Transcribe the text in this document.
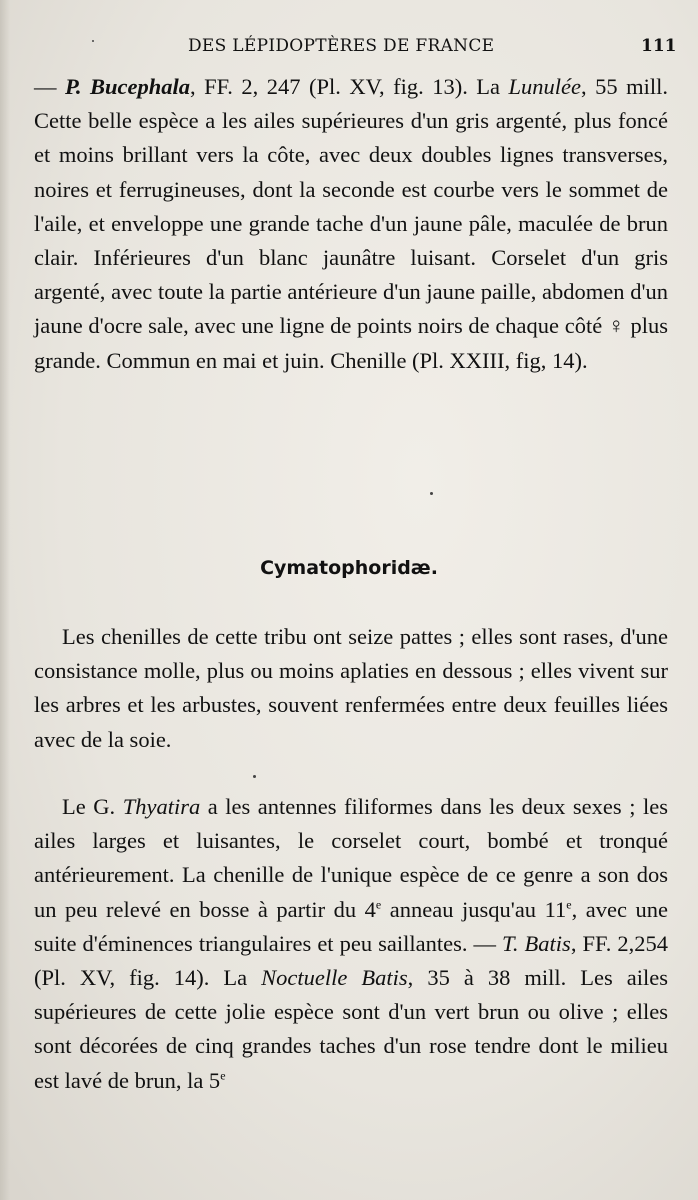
DES LÉPIDOPTÈRES DE FRANCE	111

— P. Bucephala, FF. 2, 247 (Pl. XV, fig. 13). La Lunulée, 55 mill. Cette belle espèce a les ailes supérieures d'un gris argenté, plus foncé et moins brillant vers la côte, avec deux doubles lignes transverses, noires et ferrugineuses, dont la seconde est courbe vers le sommet de l'aile, et enveloppe une grande tache d'un jaune pâle, maculée de brun clair. Inférieures d'un blanc jaunâtre luisant. Corselet d'un gris argenté, avec toute la partie antérieure d'un jaune paille, abdomen d'un jaune d'ocre sale, avec une ligne de points noirs de chaque côté ♀ plus grande. Commun en mai et juin. Chenille (Pl. XXIII, fig, 14).

Cymatophoridæ.

Les chenilles de cette tribu ont seize pattes ; elles sont rases, d'une consistance molle, plus ou moins aplaties en dessous ; elles vivent sur les arbres et les arbustes, souvent renfermées entre deux feuilles liées avec de la soie.

Le G. Thyatira a les antennes filiformes dans les deux sexes ; les ailes larges et luisantes, le corselet court, bombé et tronqué antérieurement. La chenille de l'unique espèce de ce genre a son dos un peu relevé en bosse à partir du 4e anneau jusqu'au 11e, avec une suite d'éminences triangulaires et peu saillantes. — T. Batis, FF. 2,254 (Pl. XV, fig. 14). La Noctuelle Batis, 35 à 38 mill. Les ailes supérieures de cette jolie espèce sont d'un vert brun ou olive ; elles sont décorées de cinq grandes taches d'un rose tendre dont le milieu est lavé de brun, la 5e
